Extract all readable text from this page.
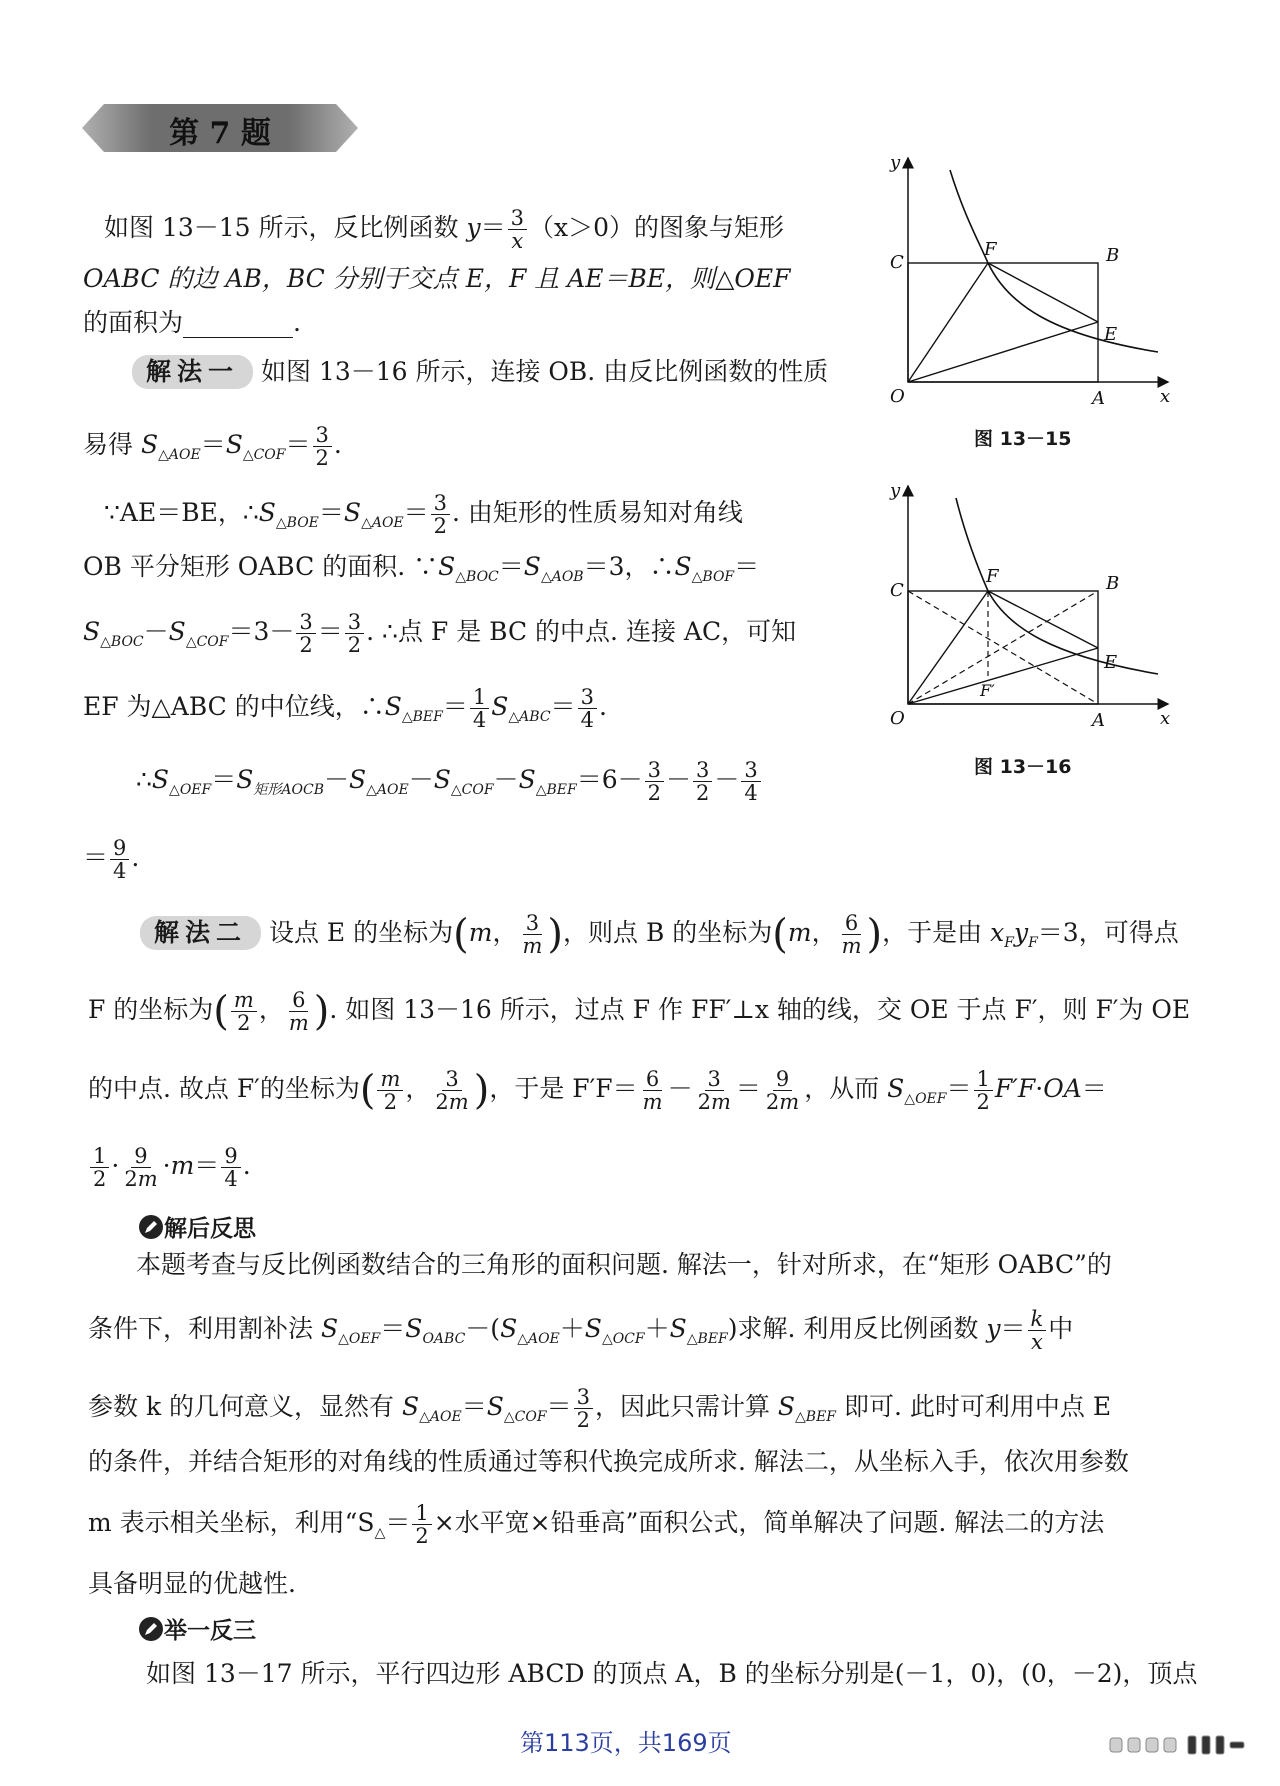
第 7 题
如图 13－15 所示，反比例函数 $y= \frac{3}{x} (x>0)$的图象与矩形
OABC 的边 AB，BC 分别于交点 E，F 且 AE＝BE，则△OEF
的面积为	.
解法一 如图 13－16 所示，连接 OB. 由反比例函数的性质
易得 $S_{\triangle AOE}=S_{\triangle COF}= \frac{3}{2}$ .
∵AE＝BE，$\therefore S_{\triangle BOE}=S_{\triangle AOE}= \frac{3}{2}$ . 由矩形的性质易知对角线
OB 平分矩形 OABC 的面积. $\because S_{\triangle BOC}=S_{\triangle AOB}=3$，$\therefore S_{\triangle BOF}=$
$S_{\triangle BOC}-S_{\triangle COF}=3- \frac{3}{2} = \frac{3}{2}$ . ∴点 F 是 BC 的中点. 连接 AC，可知
EF 为△ABC 的中位线，$\therefore S_{\triangle BEF}= \frac{1}{4} S_{\triangle ABC}= \frac{3}{4}$ .
$\therefore S_{\triangle OEF}=S_{矩形AOCB}-S_{\triangle AOE}-S_{\triangle COF}-S_{\triangle BEF}=6- \frac{3}{2} - \frac{3}{2} - \frac{3}{4}$
＝ $\frac{9}{4}$ .
解法二 设点 E 的坐标为(m， $\frac{3}{m}$ )，则点 B 的坐标为(m， $\frac{6}{m}$ )，于是由 $x_Fy_F=3$，可得点
F 的坐标为( $\frac{m}{2}$ ， $\frac{6}{m}$ ). 如图 13－16 所示，过点 F 作 FF′⊥x 轴的线，交 OE 于点 F′，则 F′为 OE
的中点. 故点 F′的坐标为( $\frac{m}{2}$ ， $\frac{3}{2m}$ )，于是 $F'F= \frac{6}{m} - \frac{3}{2m} = \frac{9}{2m}$ ，从而 $S_{\triangle OEF}= \frac{1}{2} F'F\cdot OA=$
$\frac{1}{2} \cdot \frac{9}{2m} \cdot m= \frac{9}{4}$ .
解后反思
本题考查与反比例函数结合的三角形的面积问题. 解法一，针对所求，在“矩形 OABC”的
条件下，利用割补法 $S_{\triangle OEF}=S_{OABC}-(S_{\triangle AOE}+S_{\triangle OCF}+S_{\triangle BEF})$求解. 利用反比例函数 $y= \frac{k}{x}$ 中
参数 k 的几何意义，显然有 $S_{\triangle AOE}=S_{\triangle COF}= \frac{3}{2}$ ，因此只需计算 $S_{\triangle BEF}$ 即可. 此时可利用中点 E
的条件，并结合矩形的对角线的性质通过等积代换完成所求. 解法二，从坐标入手，依次用参数
m 表示相关坐标，利用“$S_\triangle= \frac{1}{2}$ ×水平宽×铅垂高”面积公式，简单解决了问题. 解法二的方法
具备明显的优越性.
举一反三
如图 13－17 所示，平行四边形 ABCD 的顶点 A，B 的坐标分别是(－1，0)，(0，－2)，顶点
y
x
O	A
B
C
E
F
图 13－15
y
x
O	A
B
C
E
F
F′
图 13－16
第113页，共169页
